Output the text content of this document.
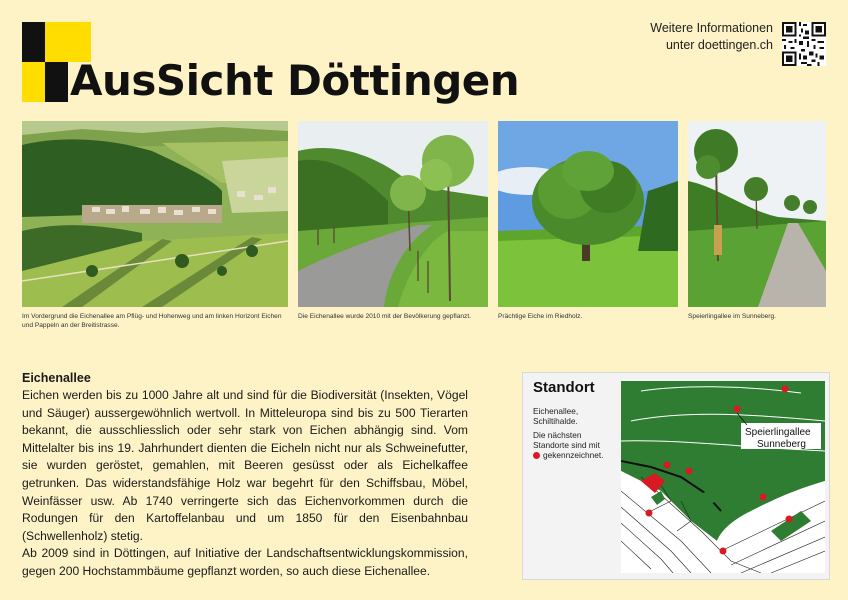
AusSicht Döttingen
Weitere Informationen
unter doettingen.ch
Im Vordergrund die Eichenallee am Pflüg- und Hohenweg und am linken Horizont Eichen und Pappeln an der Breitistrasse.
Die Eichenallee wurde 2010 mit der Bevölkerung gepflanzt.	Prächtige Eiche im Riedholz.	Speierlingallee im Sunneberg.
Eichenallee

Eichen werden bis zu 1000 Jahre alt und sind für die Biodiversität (Insekten, Vögel und Säuger) aussergewöhnlich wertvoll. In Mitteleuropa sind bis zu 500 Tierarten bekannt, die ausschliesslich oder sehr stark von Eichen abhängig sind. Vom Mittelalter bis ins 19. Jahrhundert dienten die Eicheln nicht nur als Schweinefutter, sie wurden geröstet, gemahlen, mit Beeren gesüsst oder als Eichelkaffee getrunken. Das widerstandsfähige Holz war begehrt für den Schiffsbau, Möbel, Weinfässer usw. Ab 1740 verringerte sich das Eichenvorkommen durch die Rodungen für den Kartoffelanbau und um 1850 für den Eisenbahnbau (Schwellenholz) stetig.

Ab 2009 sind in Döttingen, auf Initiative der Landschaftsentwicklungskommission, gegen 200 Hochstammbäume gepflanzt worden, so auch diese Eichenallee.

Standort
Eichenallee, Schiltihalde.
Die nächsten Standorte sind mit
gekennzeichnet.
Speierlingallee
Sunneberg
